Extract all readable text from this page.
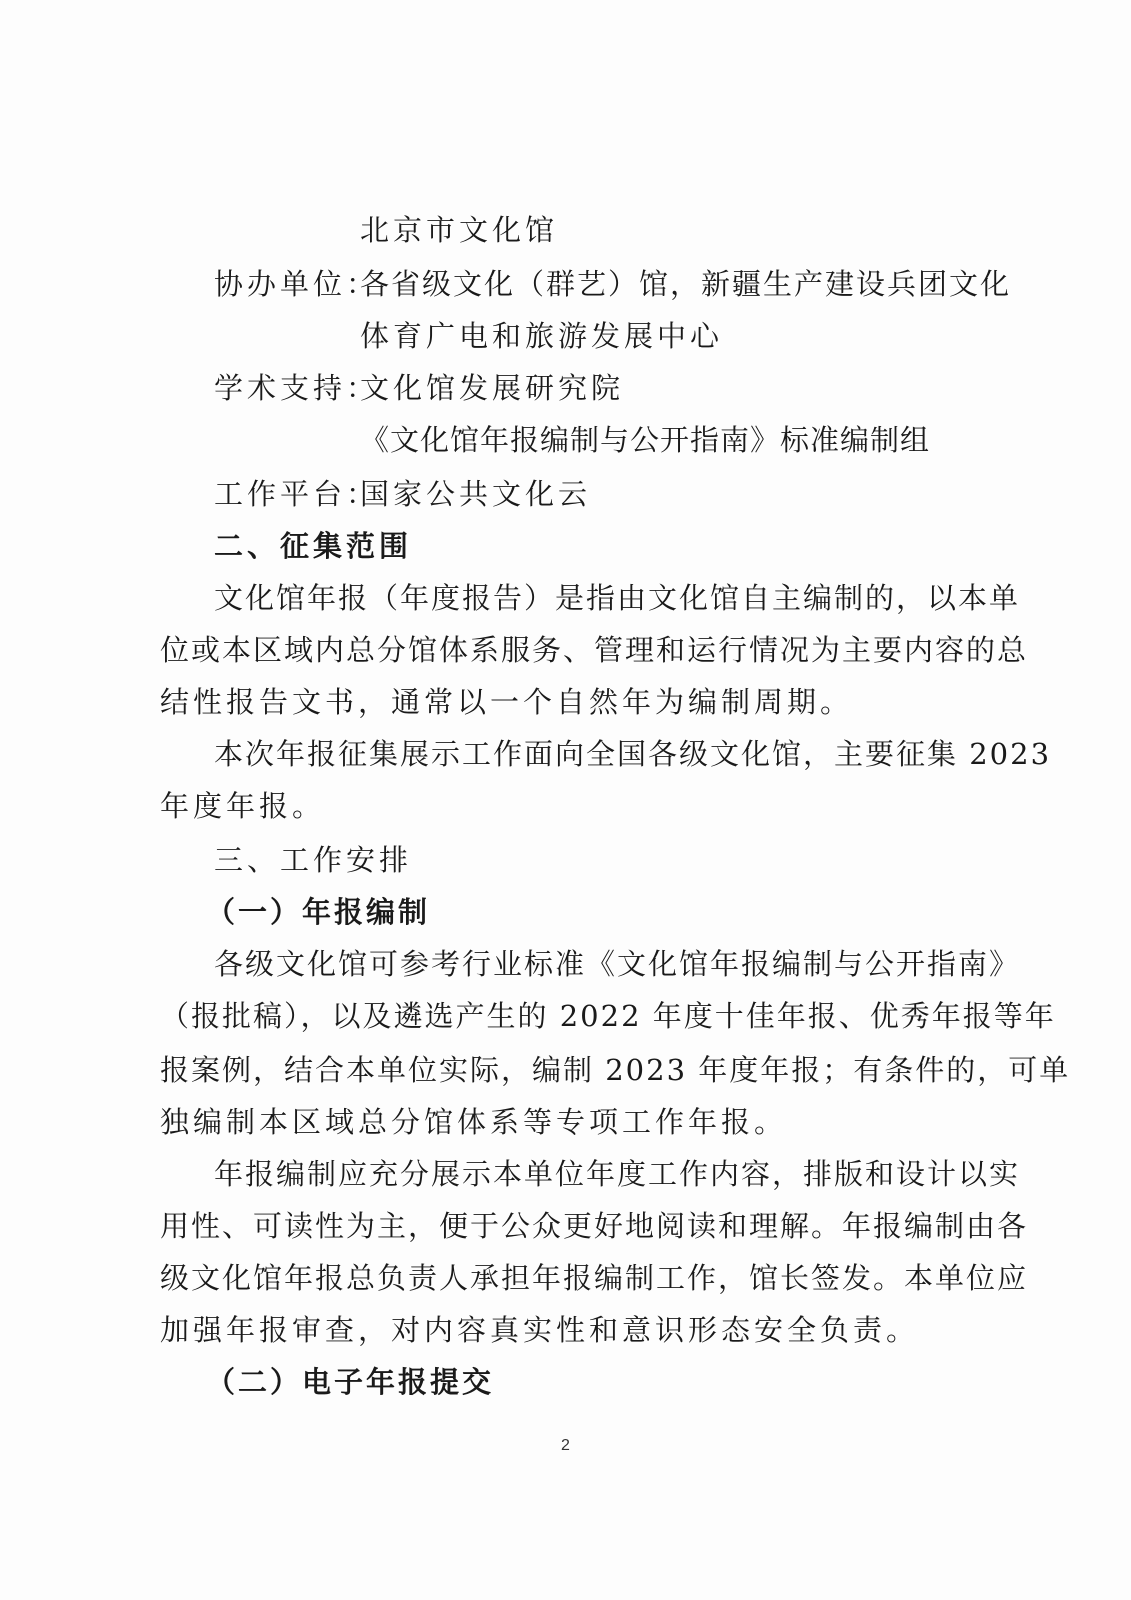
北京市文化馆
协办单位：
各省级文化（群艺）馆，新疆生产建设兵团文化
体育广电和旅游发展中心
学术支持：
文化馆发展研究院
《文化馆年报编制与公开指南》标准编制组
工作平台：
国家公共文化云
二、征集范围
文化馆年报（年度报告）是指由文化馆自主编制的，以本单
位或本区域内总分馆体系服务、管理和运行情况为主要内容的总
结性报告文书，通常以一个自然年为编制周期。
本次年报征集展示工作面向全国各级文化馆，主要征集 2023
年度年报。
三、工作安排
（一）年报编制
各级文化馆可参考行业标准《文化馆年报编制与公开指南》
（报批稿），以及遴选产生的 2022 年度十佳年报、优秀年报等年
报案例，结合本单位实际，编制 2023 年度年报；有条件的，可单
独编制本区域总分馆体系等专项工作年报。
年报编制应充分展示本单位年度工作内容，排版和设计以实
用性、可读性为主，便于公众更好地阅读和理解。年报编制由各
级文化馆年报总负责人承担年报编制工作，馆长签发。本单位应
加强年报审查，对内容真实性和意识形态安全负责。
（二）电子年报提交
2
